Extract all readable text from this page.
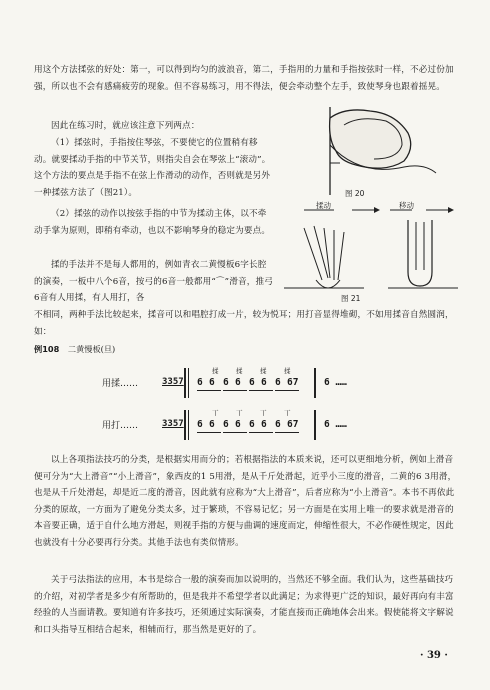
用这个方法揉弦的好处：第一，可以得到均匀的波浪音，第二，手指用的力量和手指按弦时一样，不必过份加强，所以也不会有感痛疲劳的现象。但不容易练习，用不得法，便会牵动整个左手，致使琴身也跟着摇晃。

因此在练习时，就应该注意下列两点：

（1）揉弦时，手指按住琴弦，不要使它的位置稍有移动。就要揉动手指的中节关节，则指尖自会在琴弦上“滚动”。这个方法的要点是手指不在弦上作滑动的动作，否则就是另外一种揉弦方法了（图21）。

（2）揉弦的动作以按弦手指的中节为揉动主体，以不牵动手掌为原则，即稍有牵动，也以不影响琴身的稳定为要点。

揉的手法并不是每人都用的，例如青衣二黄慢板6字长腔的演奏，一板中八个6音，按弓的6音一般都用“⌒”滑音，推弓6音有人用揉，有人用打，各

不相同，两种手法比较起来，揉音可以和唱腔打成一片，较为悦耳；用打音显得堆砌，不如用揉音自然圆润，如：

图 20
揉动	移动
图 21
例108 二黄慢板(旦)
用揉……	3357
揉	揉	揉	揉
6 6 6 6 6 6 6 67	6 ……
用打……	3357
丅	丅	丅	丅
6 6 6 6 6 6 6 67	6 ……

以上各项指法技巧的分类，是根据实用而分的；若根据指法的本质来说，还可以更细地分析，例如上滑音便可分为“大上滑音”“小上滑音”，象西皮的1 5用滑，是从千斤处滑起，近乎小三度的滑音，二黄的6 3用滑，也是从千斤处滑起，却是近二度的滑音，因此就有应称为“大上滑音”，后者应称为“小上滑音”。本书不再依此分类的原故，一方面为了避免分类太多，过于繁琐，不容易记忆；另一方面是在实用上唯一的要求就是滑音的本音要正确，适于自什么地方滑起，则视手指的方便与曲调的速度而定，伸缩性很大，不必作硬性规定，因此也就没有十分必要再行分类。其他手法也有类似情形。

关于弓法指法的应用，本书是综合一般的演奏而加以说明的，当然还不够全面。我们认为，这些基础技巧的介绍，对初学者是多少有所帮助的，但是我并不希望学者以此满足；为求得更广泛的知识，最好再向有丰富经验的人当面请教。要知道有许多技巧，还须通过实际演奏，才能直接而正确地体会出来。假使能将文字解说和口头指导互相结合起来，相辅而行，那当然是更好的了。

· 39 ·
